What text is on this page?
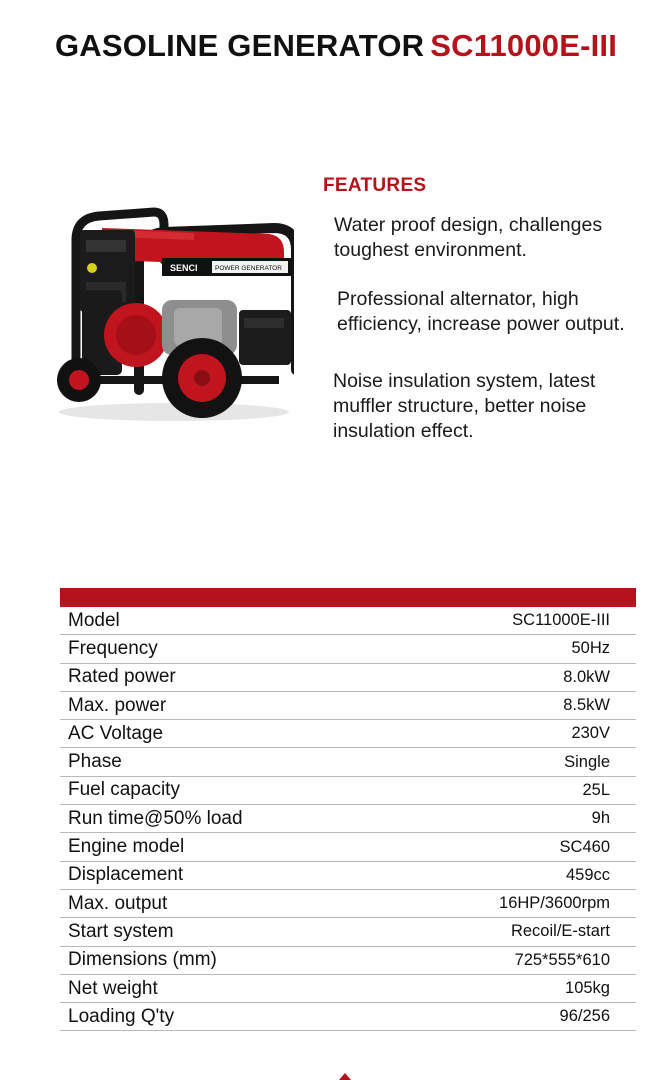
GASOLINE GENERATOR SC11000E-III
SENCI	POWER GENERATOR
FEATURES
Water proof design, challenges toughest environment.
Professional alternator, high efficiency, increase power output.
Noise insulation system, latest muffler structure, better noise insulation effect.
Model	SC11000E-III
Frequency	50Hz
Rated power	8.0kW
Max. power	8.5kW
AC Voltage	230V
Phase	Single
Fuel capacity	25L
Run time@50% load	9h
Engine model	SC460
Displacement	459cc
Max. output	16HP/3600rpm
Start system	Recoil/E-start
Dimensions (mm)	725*555*610
Net weight	105kg
Loading Q'ty	96/256
